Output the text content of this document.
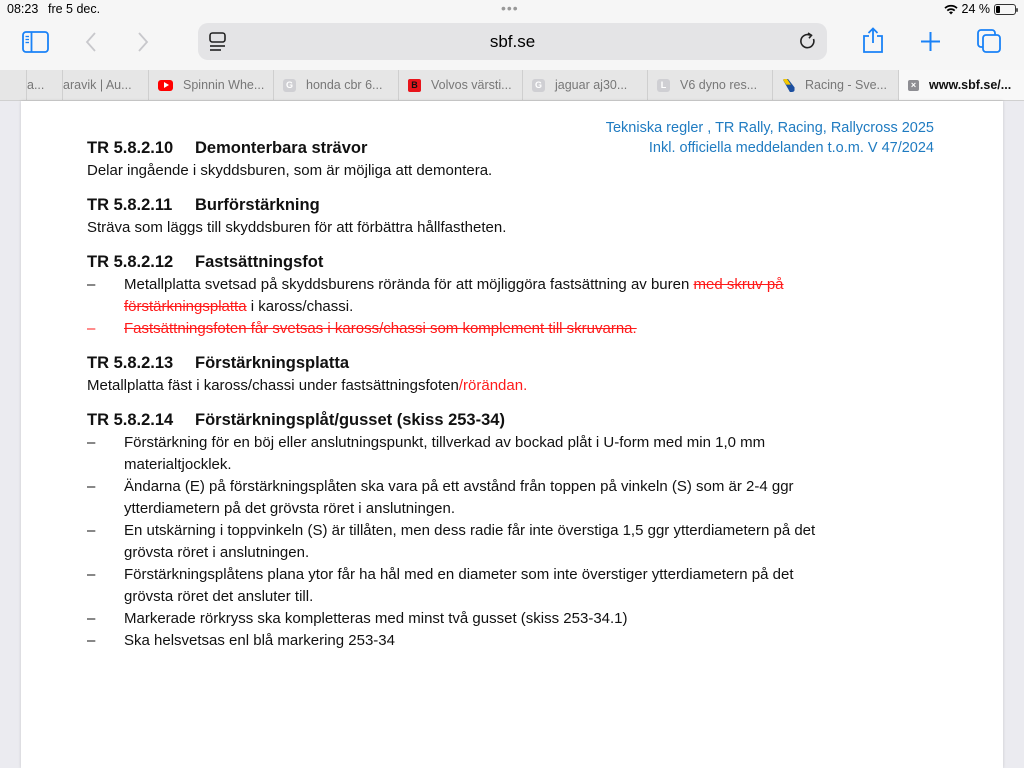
08:23 fre 5 dec.	•••	24 %
sbf.se
a... aravik | Au...	Spinnin Whe...	G honda cbr 6...	B Volvos värsti...	G jaguar aj30...	L	V6 dyno res...	Racing - Sve...	× www.sbf.se/...
Tekniska regler , TR Rally, Racing, Rallycross 2025
Inkl. officiella meddelanden t.o.m. V 47/2024
TR 5.8.2.10 Demonterbara strävor

Delar ingående i skyddsburen, som är möjliga att demontera.

TR 5.8.2.11 Burförstärkning

Sträva som läggs till skyddsburen för att förbättra hållfastheten.

TR 5.8.2.12 Fastsättningsfot
– Metallplatta svetsad på skyddsburens rörända för att möjliggöra fastsättning av buren med skruv på
förstärkningsplatta i kaross/chassi.
– Fastsättningsfoten får svetsas i kaross/chassi som komplement till skruvarna.
TR 5.8.2.13 Förstärkningsplatta

Metallplatta fäst i kaross/chassi under fastsättningsfoten/rörändan.

TR 5.8.2.14 Förstärkningsplåt/gusset (skiss 253-34)
– Förstärkning för en böj eller anslutningspunkt, tillverkad av bockad plåt i U-form med min 1,0 mm
materialtjocklek.
– Ändarna (E) på förstärkningsplåten ska vara på ett avstånd från toppen på vinkeln (S) som är 2-4 ggr
ytterdiametern på det grövsta röret i anslutningen.
– En utskärning i toppvinkeln (S) är tillåten, men dess radie får inte överstiga 1,5 ggr ytterdiametern på det
grövsta röret i anslutningen.
– Förstärkningsplåtens plana ytor får ha hål med en diameter som inte överstiger ytterdiametern på det
grövsta röret det ansluter till.
– Markerade rörkryss ska kompletteras med minst två gusset (skiss 253-34.1)
– Ska helsvetsas enl blå markering 253-34
